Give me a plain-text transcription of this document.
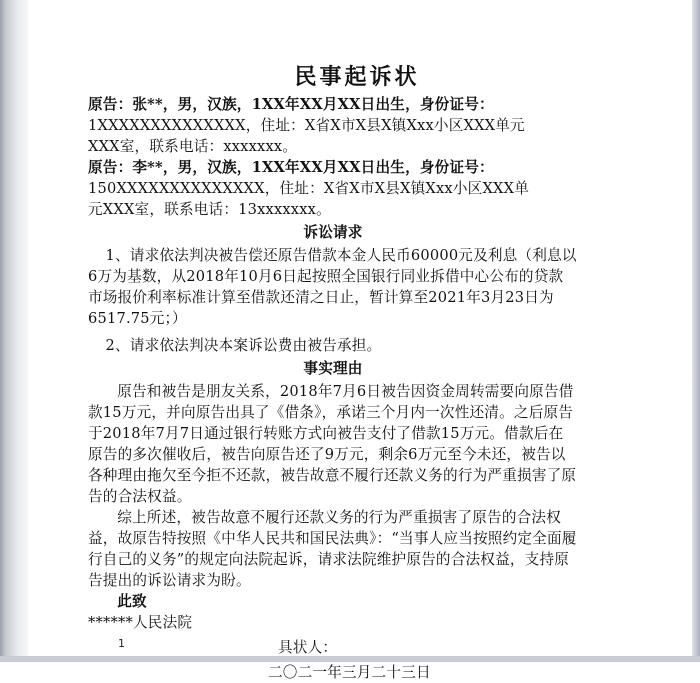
民事起诉状

原告：张**，男，汉族，1XX年XX月XX日出生，身份证号：

1XXXXXXXXXXXXXX，住址：X省X市X县X镇Xxx小区XXX单元

XXX室，联系电话：xxxxxxx。

原告：李**，男，汉族，1XX年XX月XX日出生，身份证号：

150XXXXXXXXXXXXXX，住址：X省X市X县X镇Xxx小区XXX单

元XXX室，联系电话：13xxxxxxx。

诉讼请求

1、请求依法判决被告偿还原告借款本金人民币60000元及利息（利息以6万为基数，从2018年10月6日起按照全国银行同业拆借中心公布的贷款市场报价利率标准计算至借款还清之日止，暂计算至2021年3月23日为6517.75元；）

2、请求依法判决本案诉讼费由被告承担。

事实理由

原告和被告是朋友关系，2018年7月6日被告因资金周转需要向原告借款15万元，并向原告出具了《借条》，承诺三个月内一次性还清。之后原告于2018年7月7日通过银行转账方式向被告支付了借款15万元。借款后在原告的多次催收后，被告向原告还了9万元，剩余6万元至今未还，被告以各种理由拖欠至今拒不还款，被告故意不履行还款义务的行为严重损害了原告的合法权益。

综上所述，被告故意不履行还款义务的行为严重损害了原告的合法权益，故原告特按照《中华人民共和国民法典》：“当事人应当按照约定全面履行自己的义务”的规定向法院起诉，请求法院维护原告的合法权益，支持原告提出的诉讼请求为盼。

此致

******人民法院

具状人：

二〇二一年三月二十三日

1
